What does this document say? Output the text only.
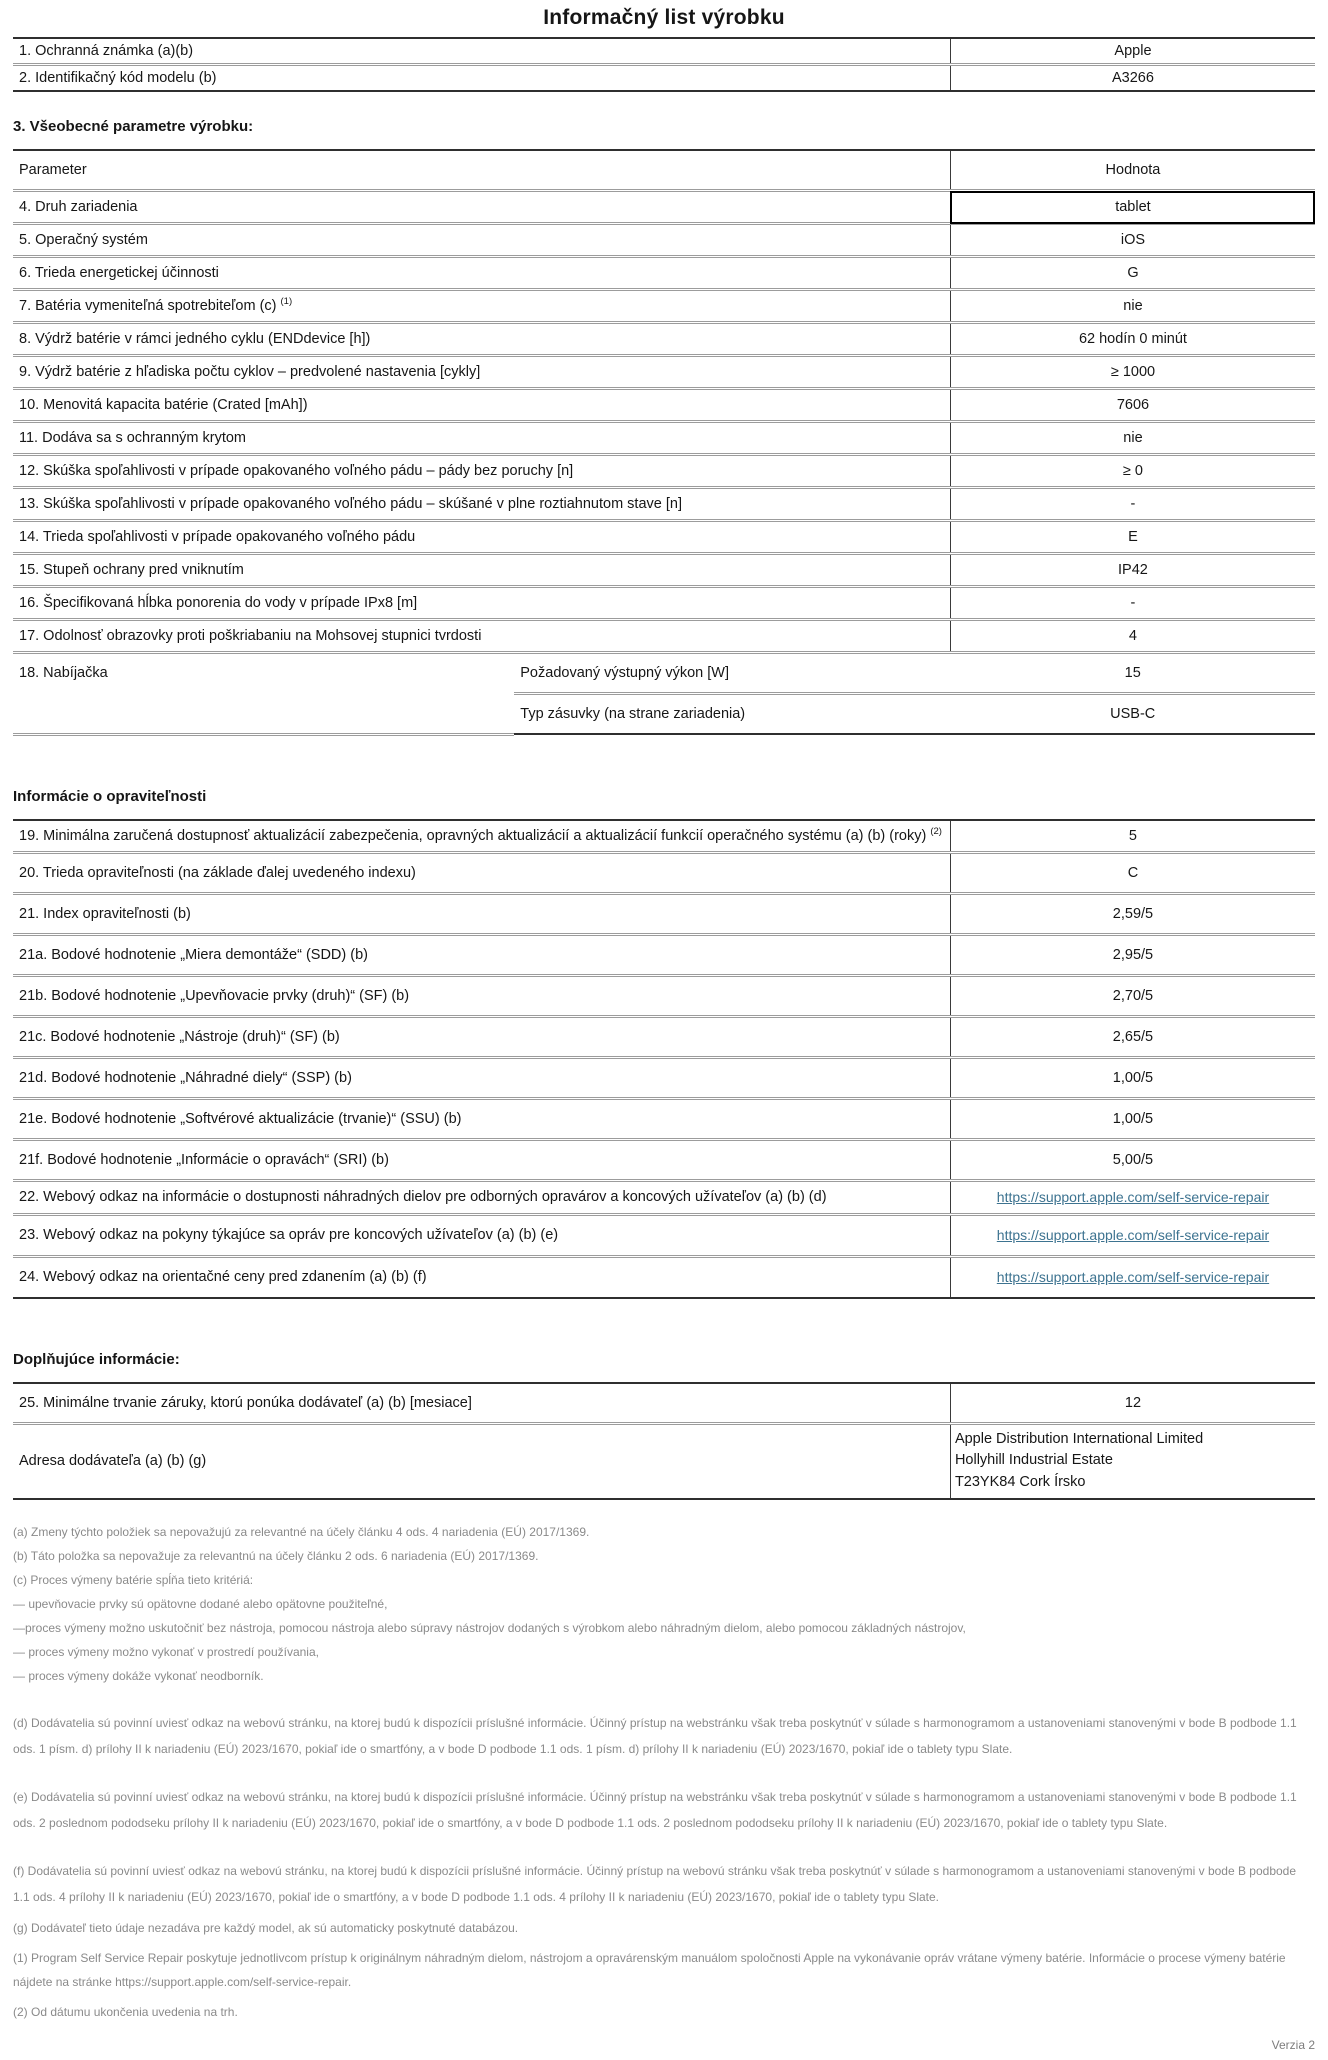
Informačný list výrobku
1. Ochranná známka (a)(b)	Apple
2. Identifikačný kód modelu (b)	A3266
3. Všeobecné parametre výrobku:
Parameter		Hodnota
4. Druh zariadenia		tablet
5. Operačný systém		iOS
6. Trieda energetickej účinnosti		G
7. Batéria vymeniteľná spotrebiteľom (c) $^{(1)}$		nie
8. Výdrž batérie v rámci jedného cyklu (ENDdevice [h])		62 hodín 0 minút
9. Výdrž batérie z hľadiska počtu cyklov – predvolené nastavenia [cykly]		≥ 1000
10. Menovitá kapacita batérie (Crated [mAh])		7606
11. Dodáva sa s ochranným krytom		nie
12. Skúška spoľahlivosti v prípade opakovaného voľného pádu – pády bez poruchy [n]		≥ 0
13. Skúška spoľahlivosti v prípade opakovaného voľného pádu – skúšané v plne roztiahnutom stave [n]		-
14. Trieda spoľahlivosti v prípade opakovaného voľného pádu		E
15. Stupeň ochrany pred vniknutím		IP42
16. Špecifikovaná hĺbka ponorenia do vody v prípade IPx8 [m]		-
17. Odolnosť obrazovky proti poškriabaniu na Mohsovej stupnici tvrdosti		4
18. Nabíjačka	Požadovaný výstupný výkon [W]	15
	Typ zásuvky (na strane zariadenia)	USB-C
Informácie o opraviteľnosti
19. Minimálna zaručená dostupnosť aktualizácií zabezpečenia, opravných aktualizácií a aktualizácií funkcií operačného systému (a) (b) (roky) $^{(2)}$	5
20. Trieda opraviteľnosti (na základe ďalej uvedeného indexu)	C
21. Index opraviteľnosti (b)	2,59/5
21a. Bodové hodnotenie „Miera demontáže“ (SDD) (b)	2,95/5
21b. Bodové hodnotenie „Upevňovacie prvky (druh)“ (SF) (b)	2,70/5
21c. Bodové hodnotenie „Nástroje (druh)“ (SF) (b)	2,65/5
21d. Bodové hodnotenie „Náhradné diely“ (SSP) (b)	1,00/5
21e. Bodové hodnotenie „Softvérové aktualizácie (trvanie)“ (SSU) (b)	1,00/5
21f. Bodové hodnotenie „Informácie o opravách“ (SRI) (b)	5,00/5
22. Webový odkaz na informácie o dostupnosti náhradných dielov pre odborných opravárov a koncových užívateľov (a) (b) (d)	https://support.apple.com/self-service-repair
23. Webový odkaz na pokyny týkajúce sa opráv pre koncových užívateľov (a) (b) (e)	https://support.apple.com/self-service-repair
24. Webový odkaz na orientačné ceny pred zdanením (a) (b) (f)	https://support.apple.com/self-service-repair
Doplňujúce informácie:
25. Minimálne trvanie záruky, ktorú ponúka dodávateľ (a) (b) [mesiace]	12
Adresa dodávateľa (a) (b) (g)	Apple Distribution International Limited
Hollyhill Industrial Estate
T23YK84 Cork Írsko

(a) Zmeny týchto položiek sa nepovažujú za relevantné na účely článku 4 ods. 4 nariadenia (EÚ) 2017/1369.

(b) Táto položka sa nepovažuje za relevantnú na účely článku 2 ods. 6 nariadenia (EÚ) 2017/1369.

(c) Proces výmeny batérie spĺňa tieto kritériá:

— upevňovacie prvky sú opätovne dodané alebo opätovne použiteľné,

—proces výmeny možno uskutočniť bez nástroja, pomocou nástroja alebo súpravy nástrojov dodaných s výrobkom alebo náhradným dielom, alebo pomocou základných nástrojov,

— proces výmeny možno vykonať v prostredí používania,

— proces výmeny dokáže vykonať neodborník.

(d) Dodávatelia sú povinní uviesť odkaz na webovú stránku, na ktorej budú k dispozícii príslušné informácie. Účinný prístup na webstránku však treba poskytnúť v súlade s harmonogramom a ustanoveniami stanovenými v bode B podbode 1.1 ods. 1 písm. d) prílohy II k nariadeniu (EÚ) 2023/1670, pokiaľ ide o smartfóny, a v bode D podbode 1.1 ods. 1 písm. d) prílohy II k nariadeniu (EÚ) 2023/1670, pokiaľ ide o tablety typu Slate.

(e) Dodávatelia sú povinní uviesť odkaz na webovú stránku, na ktorej budú k dispozícii príslušné informácie. Účinný prístup na webstránku však treba poskytnúť v súlade s harmonogramom a ustanoveniami stanovenými v bode B podbode 1.1 ods. 2 poslednom pododseku prílohy II k nariadeniu (EÚ) 2023/1670, pokiaľ ide o smartfóny, a v bode D podbode 1.1 ods. 2 poslednom pododseku prílohy II k nariadeniu (EÚ) 2023/1670, pokiaľ ide o tablety typu Slate.

(f) Dodávatelia sú povinní uviesť odkaz na webovú stránku, na ktorej budú k dispozícii príslušné informácie. Účinný prístup na webovú stránku však treba poskytnúť v súlade s harmonogramom a ustanoveniami stanovenými v bode B podbode 1.1 ods. 4 prílohy II k nariadeniu (EÚ) 2023/1670, pokiaľ ide o smartfóny, a v bode D podbode 1.1 ods. 4 prílohy II k nariadeniu (EÚ) 2023/1670, pokiaľ ide o tablety typu Slate.

(g) Dodávateľ tieto údaje nezadáva pre každý model, ak sú automaticky poskytnuté databázou.

(1) Program Self Service Repair poskytuje jednotlivcom prístup k originálnym náhradným dielom, nástrojom a opravárenským manuálom spoločnosti Apple na vykonávanie opráv vrátane výmeny batérie. Informácie o procese výmeny batérie nájdete na stránke https://support.apple.com/self-service-repair.

(2) Od dátumu ukončenia uvedenia na trh.

Verzia 2
